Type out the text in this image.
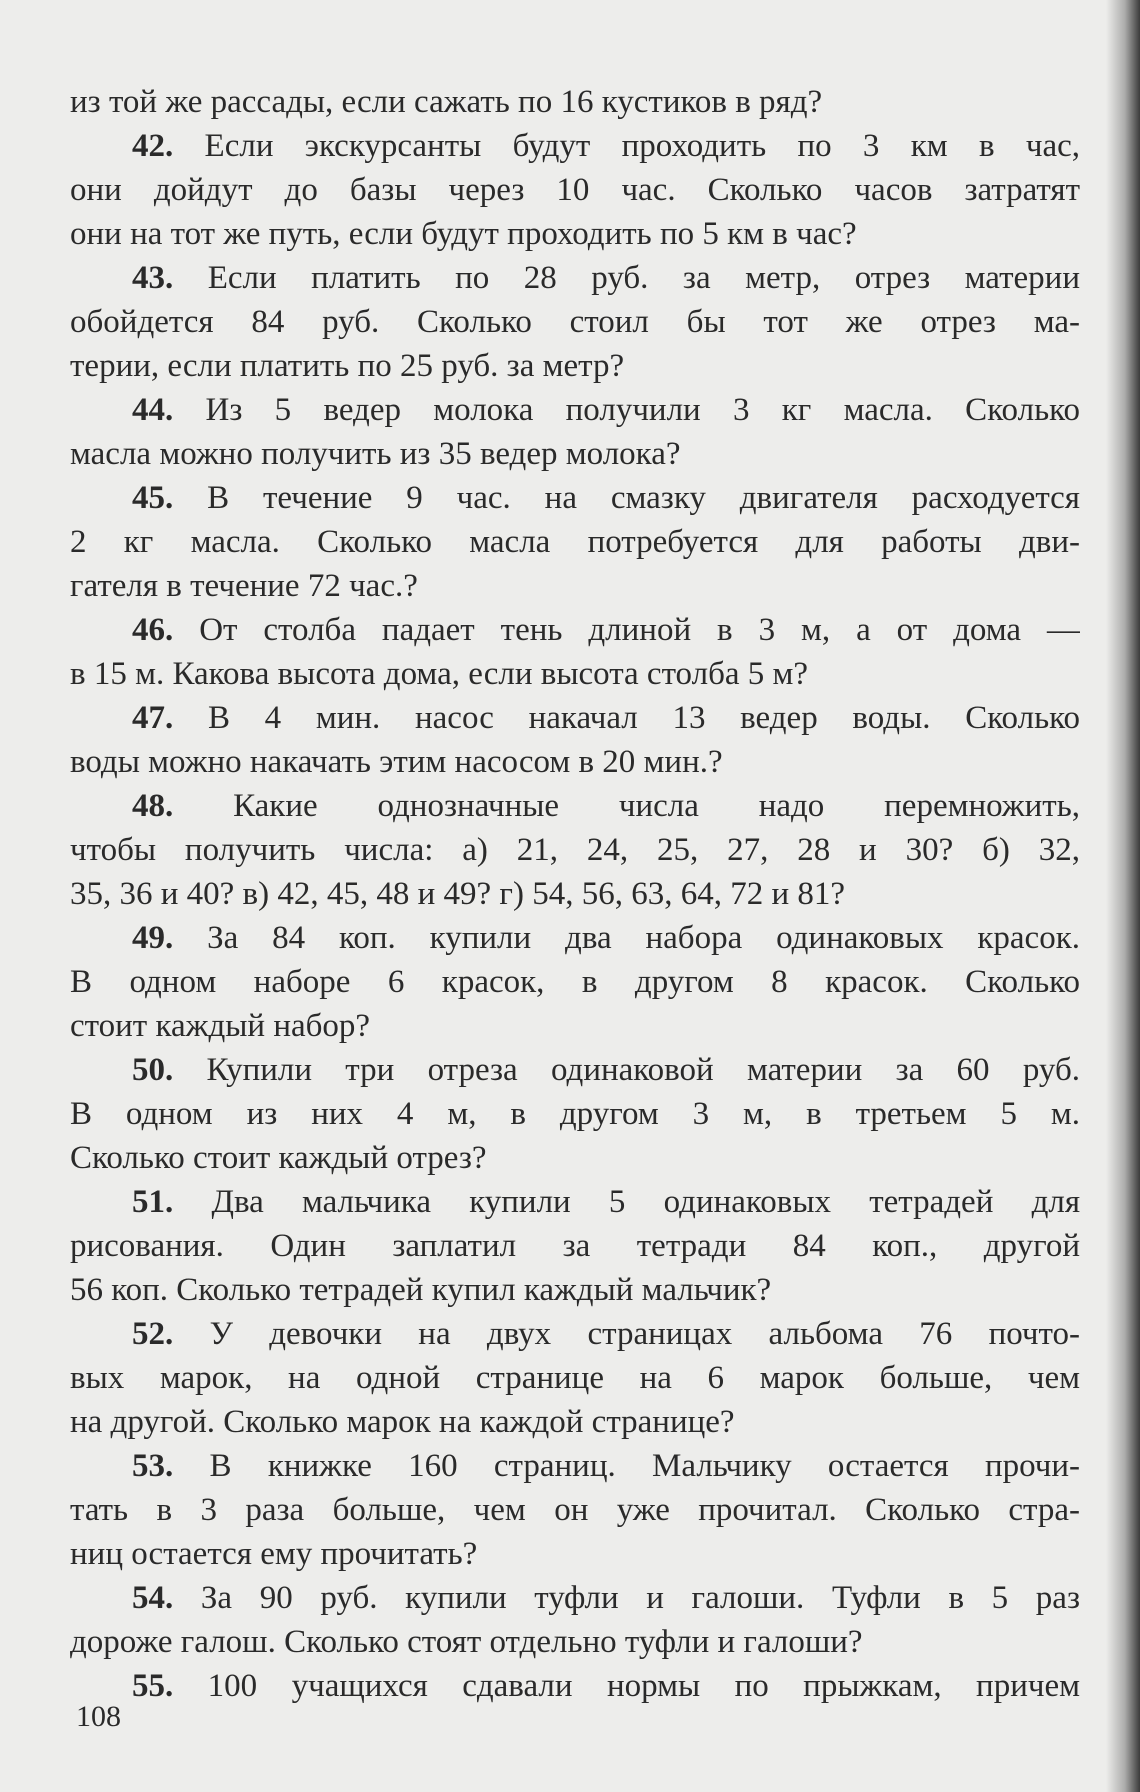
из той же рассады, если сажать по 16 кустиков в ряд?
42. Если экскурсанты будут проходить по 3 км в час,
они дойдут до базы через 10 час. Сколько часов затратят
они на тот же путь, если будут проходить по 5 км в час?
43. Если платить по 28 руб. за метр, отрез материи
обойдется 84 руб. Сколько стоил бы тот же отрез ма-
терии, если платить по 25 руб. за метр?
44. Из 5 ведер молока получили 3 кг масла. Сколько
масла можно получить из 35 ведер молока?
45. В течение 9 час. на смазку двигателя расходуется
2 кг масла. Сколько масла потребуется для работы дви-
гателя в течение 72 час.?
46. От столба падает тень длиной в 3 м, а от дома —
в 15 м. Какова высота дома, если высота столба 5 м?
47. В 4 мин. насос накачал 13 ведер воды. Сколько
воды можно накачать этим насосом в 20 мин.?
48. Какие однозначные числа надо перемножить,
чтобы получить числа: а) 21, 24, 25, 27, 28 и 30? б) 32,
35, 36 и 40? в) 42, 45, 48 и 49? г) 54, 56, 63, 64, 72 и 81?
49. За 84 коп. купили два набора одинаковых красок.
В одном наборе 6 красок, в другом 8 красок. Сколько
стоит каждый набор?
50. Купили три отреза одинаковой материи за 60 руб.
В одном из них 4 м, в другом 3 м, в третьем 5 м.
Сколько стоит каждый отрез?
51. Два мальчика купили 5 одинаковых тетрадей для
рисования. Один заплатил за тетради 84 коп., другой
56 коп. Сколько тетрадей купил каждый мальчик?
52. У девочки на двух страницах альбома 76 почто-
вых марок, на одной странице на 6 марок больше, чем
на другой. Сколько марок на каждой странице?
53. В книжке 160 страниц. Мальчику остается прочи-
тать в 3 раза больше, чем он уже прочитал. Сколько стра-
ниц остается ему прочитать?
54. За 90 руб. купили туфли и галоши. Туфли в 5 раз
дороже галош. Сколько стоят отдельно туфли и галоши?
55. 100 учащихся сдавали нормы по прыжкам, причем
108
